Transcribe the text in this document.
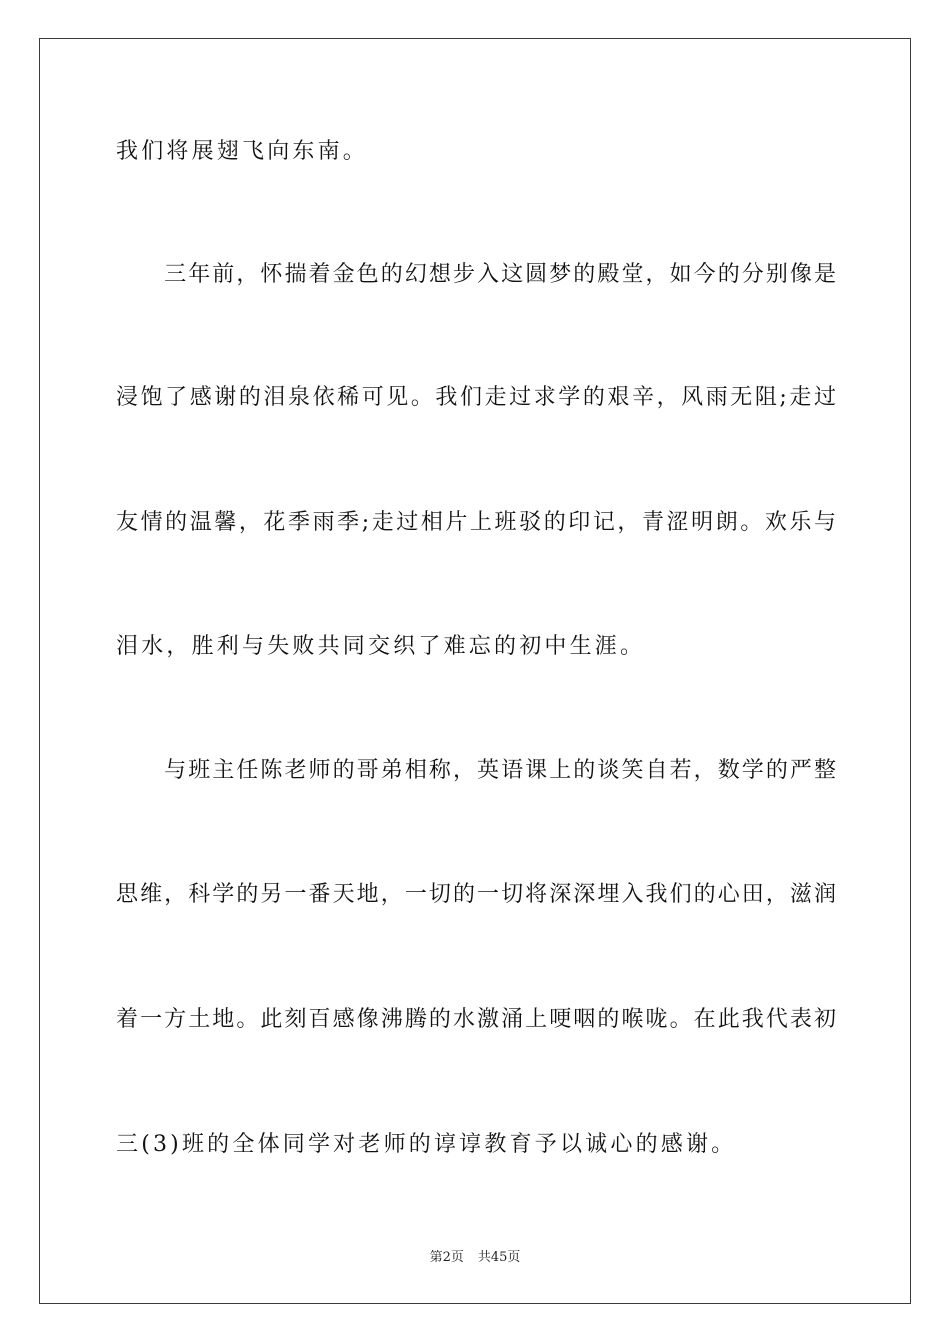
我们将展翅飞向东南。
　　三年前，怀揣着金色的幻想步入这圆梦的殿堂，如今的分别像是
浸饱了感谢的泪泉依稀可见。我们走过求学的艰辛，风雨无阻;走过
友情的温馨，花季雨季;走过相片上班驳的印记，青涩明朗。欢乐与
泪水，胜利与失败共同交织了难忘的初中生涯。
　　与班主任陈老师的哥弟相称，英语课上的谈笑自若，数学的严整
思维，科学的另一番天地，一切的一切将深深埋入我们的心田，滋润
着一方土地。此刻百感像沸腾的水激涌上哽咽的喉咙。在此我代表初
三(3)班的全体同学对老师的谆谆教育予以诚心的感谢。
第2页 共45页
